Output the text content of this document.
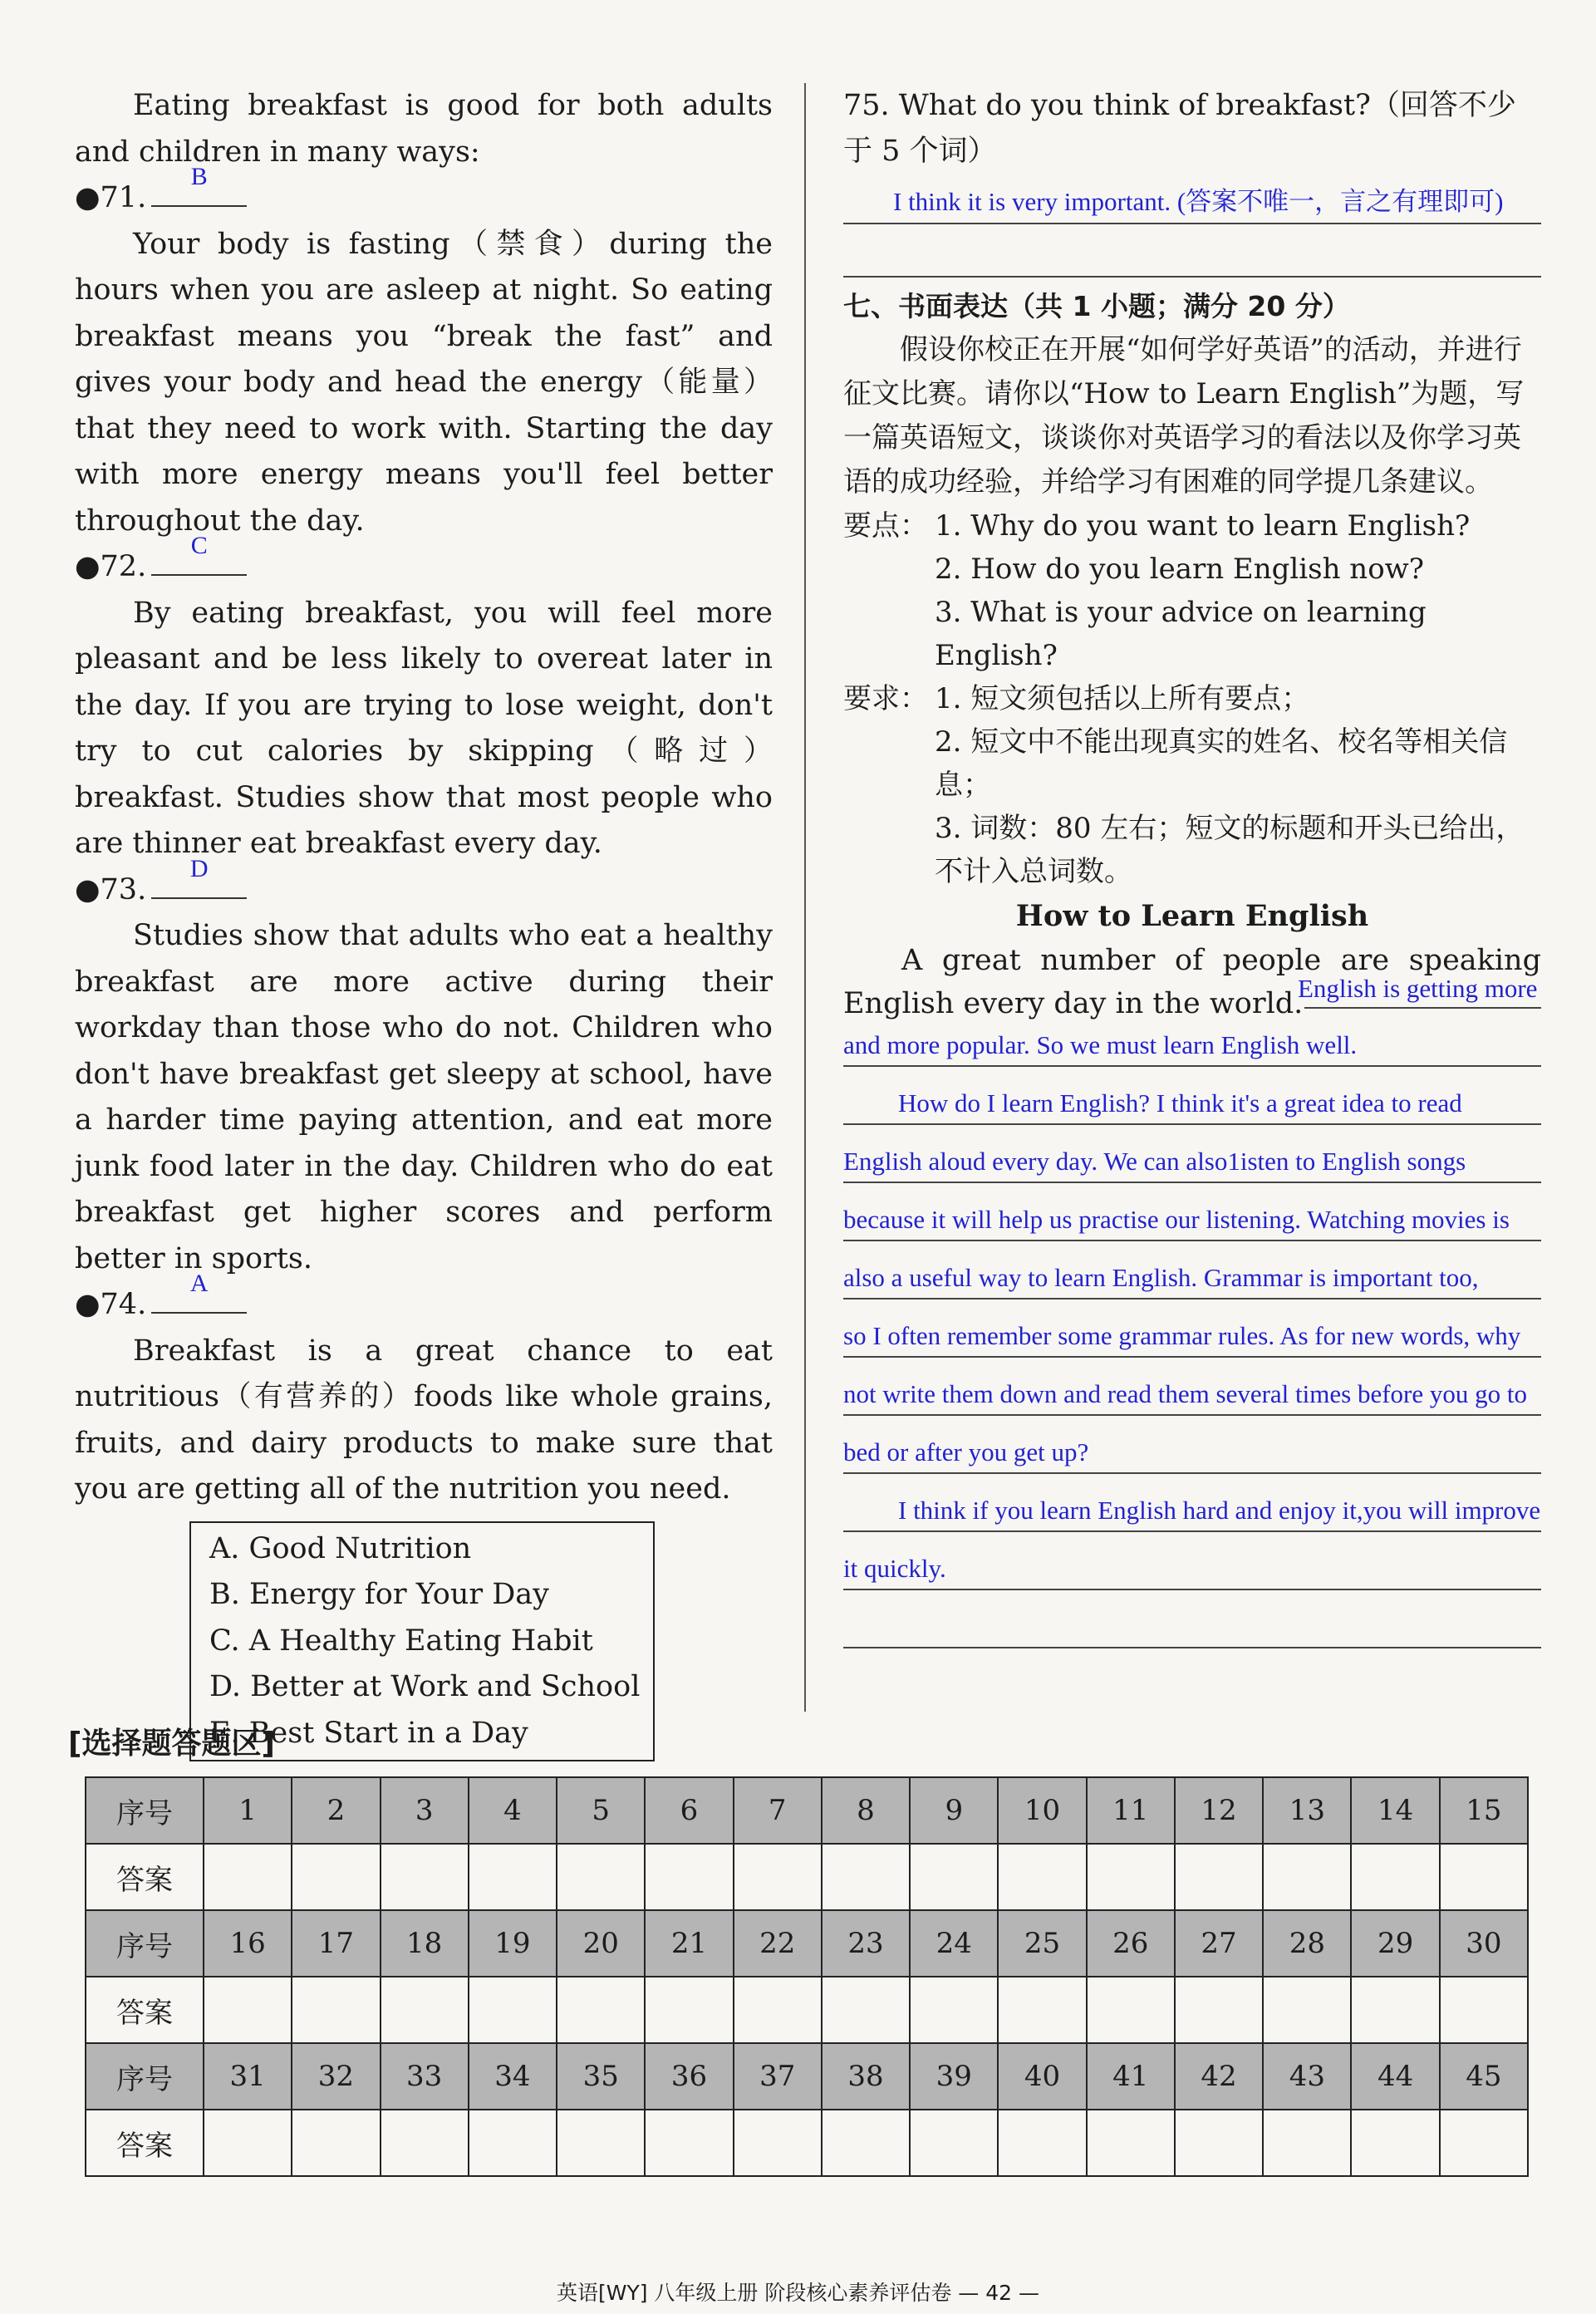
Eating breakfast is good for both adults and children in many ways:

●71.
B

Your body is fasting（禁食）during the hours when you are asleep at night. So eating breakfast means you “break the fast” and gives your body and head the energy（能量）that they need to work with. Starting the day with more energy means you'll feel better throughout the day.

●72.
C

By eating breakfast, you will feel more pleasant and be less likely to overeat later in the day. If you are trying to lose weight, don't try to cut calories by skipping（略过）breakfast. Studies show that most people who are thinner eat breakfast every day.

●73.
D

Studies show that adults who eat a healthy breakfast are more active during their workday than those who do not. Children who don't have breakfast get sleepy at school, have a harder time paying attention, and eat more junk food later in the day. Children who do eat breakfast get higher scores and perform better in sports.

●74.
A

Breakfast is a great chance to eat nutritious（有营养的）foods like whole grains, fruits, and dairy products to make sure that you are getting all of the nutrition you need.

A. Good Nutrition
B. Energy for Your Day
C. A Healthy Eating Habit
D. Better at Work and School
E. Best Start in a Day

75. What do you think of breakfast?（回答不少于 5 个词）

I think it is very important. (答案不唯一，言之有理即可)
七、书面表达（共 1 小题；满分 20 分）

假设你校正在开展“如何学好英语”的活动，并进行征文比赛。请你以“How to Learn English”为题，写一篇英语短文，谈谈你对英语学习的看法以及你学习英语的成功经验，并给学习有困难的同学提几条建议。

要点： 1. Why do you want to learn English?
2. How do you learn English now?
3. What is your advice on learning English?
要求： 1. 短文须包括以上所有要点；
2. 短文中不能出现真实的姓名、校名等相关信息；
3. 词数：80 左右；短文的标题和开头已给出，不计入总词数。
How to Learn English

A great number of people are speaking English every day in the world.

English is getting more
and more popular. So we must learn English well.
How do I learn English? I think it's a great idea to read
English aloud every day. We can also1isten to English songs
because it will help us practise our listening. Watching movies is
also a useful way to learn English. Grammar is important too,
so I often remember some grammar rules. As for new words, why
not write them down and read them several times before you go to
bed or after you get up?
I think if you learn English hard and enjoy it,you will improve
it quickly.
[选择题答题区]
序号	1	2	3	4	5	6	7	8	9	10	11	12	13	14	15
答案															
序号	16	17	18	19	20	21	22	23	24	25	26	27	28	29	30
答案															
序号	31	32	33	34	35	36	37	38	39	40	41	42	43	44	45
答案															
英语[WY] 八年级上册 阶段核心素养评估卷 — 42 —
